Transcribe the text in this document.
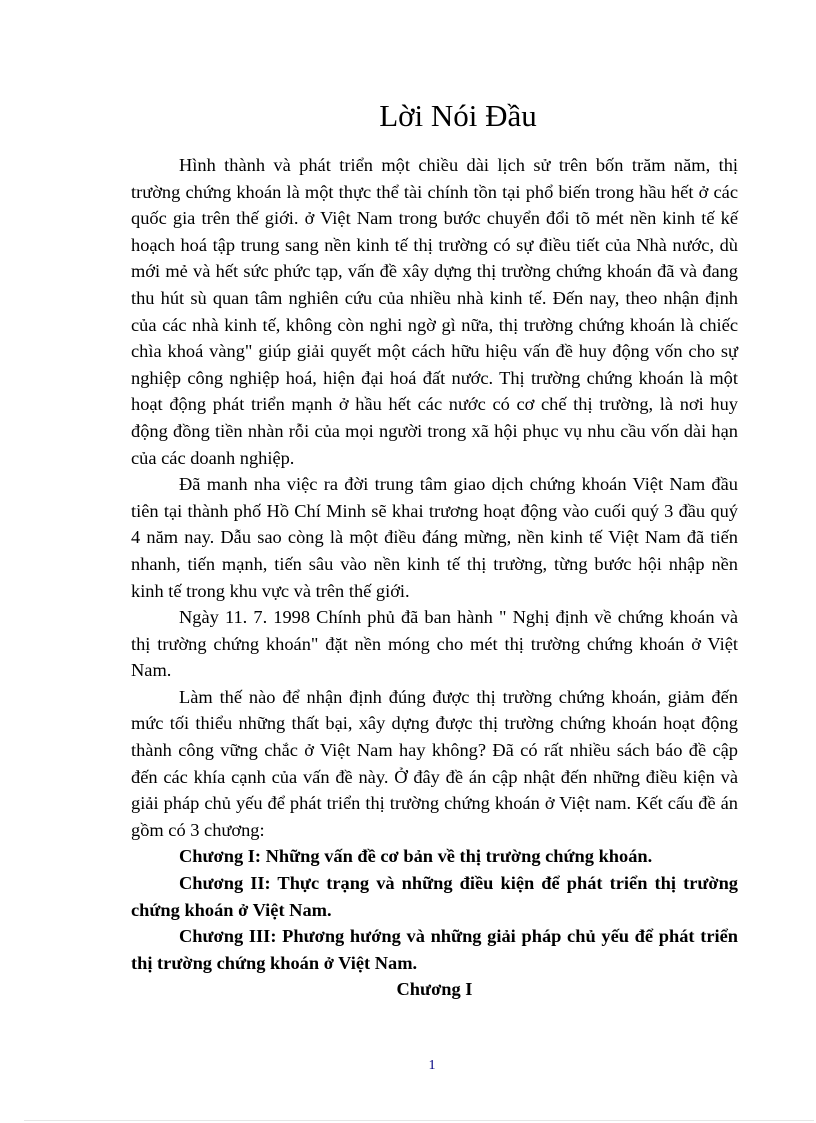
Lời Nói Đầu

Hình thành và phát triển một chiều dài lịch sử trên bốn trăm năm, thị trường chứng khoán là một thực thể tài chính tồn tại phổ biến trong hầu hết ở các quốc gia trên thế giới. ở Việt Nam trong bước chuyển đổi tõ mét nền kinh tế kế hoạch hoá tập trung sang nền kinh tế thị trường có sự điều tiết của Nhà nước, dù mới mẻ và hết sức phức tạp, vấn đề xây dựng thị trường chứng khoán đã và đang thu hút sù quan tâm nghiên cứu của nhiều nhà kinh tế. Đến nay, theo nhận định của các nhà kinh tế, không còn nghi ngờ gì nữa, thị trường chứng khoán là chiếc chìa khoá vàng" giúp giải quyết một cách hữu hiệu vấn đề huy động vốn cho sự nghiệp công nghiệp hoá, hiện đại hoá đất nước. Thị trường chứng khoán là một hoạt động phát triển mạnh ở hầu hết các nước có cơ chế thị trường, là nơi huy động đồng tiền nhàn rỗi của mọi người trong xã hội phục vụ nhu cầu vốn dài hạn của các doanh nghiệp.

Đã manh nha việc ra đời trung tâm giao dịch chứng khoán Việt Nam đầu tiên tại thành phố Hồ Chí Minh sẽ khai trương hoạt động vào cuối quý 3 đầu quý 4 năm nay. Dẫu sao còng là một điều đáng mừng, nền kinh tế Việt Nam đã tiến nhanh, tiến mạnh, tiến sâu vào nền kinh tế thị trường, từng bước hội nhập nền kinh tế trong khu vực và trên thế giới.

Ngày 11. 7. 1998 Chính phủ đã ban hành " Nghị định về chứng khoán và thị trường chứng khoán" đặt nền móng cho mét thị trường chứng khoán ở Việt Nam.

Làm thế nào để nhận định đúng được thị trường chứng khoán, giảm đến mức tối thiểu những thất bại, xây dựng được thị trường chứng khoán hoạt động thành công vững chắc ở Việt Nam hay không? Đã có rất nhiều sách báo đề cập đến các khía cạnh của vấn đề này. Ở đây đề án cập nhật đến những điều kiện và giải pháp chủ yếu để phát triển thị trường chứng khoán ở Việt nam. Kết cấu đề án gồm có 3 chương:

Chương I: Những vấn đề cơ bản về thị trường chứng khoán.

Chương II: Thực trạng và những điều kiện để phát triển thị trường chứng khoán ở Việt Nam.

Chương III: Phương hướng và những giải pháp chủ yếu để phát triển thị trường chứng khoán ở Việt Nam.

Chương I

1
